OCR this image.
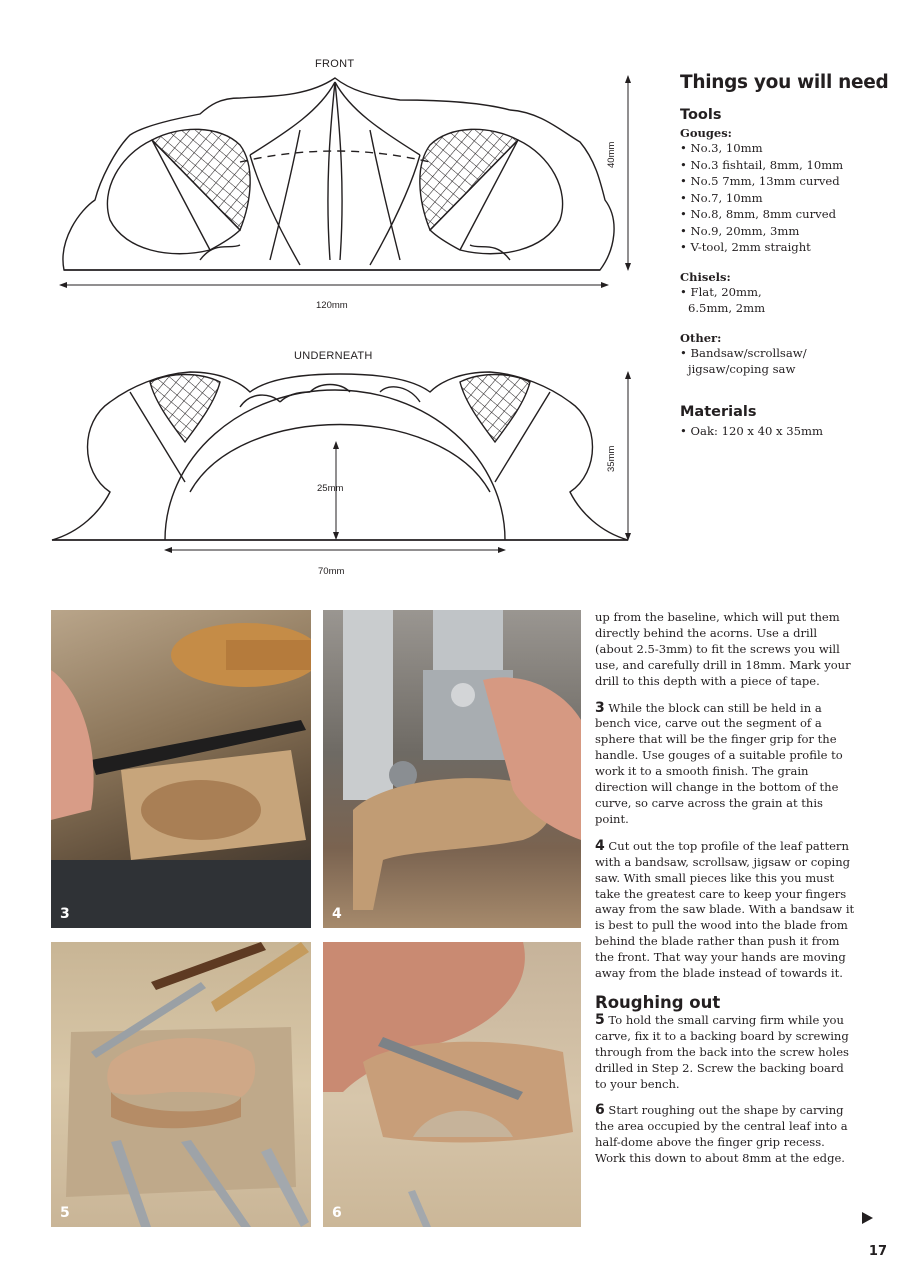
FRONT
120mm
40mm
UNDERNEATH
25mm
70mm
35mm
Things you will need
Tools
Gouges:
• No.3, 10mm
• No.3 fishtail, 8mm, 10mm
• No.5 7mm, 13mm curved
• No.7, 10mm
• No.8, 8mm, 8mm curved
• No.9, 20mm, 3mm
• V-tool, 2mm straight
Chisels:
• Flat, 20mm, 6.5mm, 2mm
Other:
• Bandsaw/scrollsaw/ jigsaw/coping saw
Materials
• Oak: 120 x 40 x 35mm
3	4
5	6

up from the baseline, which will put them directly behind the acorns. Use a drill (about 2.5-3mm) to fit the screws you will use, and carefully drill in 18mm. Mark your drill to this depth with a piece of tape.

3 While the block can still be held in a bench vice, carve out the segment of a sphere that will be the finger grip for the handle. Use gouges of a suitable profile to work it to a smooth finish. The grain direction will change in the bottom of the curve, so carve across the grain at this point.

4 Cut out the top profile of the leaf pattern with a bandsaw, scrollsaw, jigsaw or coping saw. With small pieces like this you must take the greatest care to keep your fingers away from the saw blade. With a bandsaw it is best to pull the wood into the blade from behind the blade rather than push it from the front. That way your hands are moving away from the blade instead of towards it.

Roughing out

5 To hold the small carving firm while you carve, fix it to a backing board by screwing through from the back into the screw holes drilled in Step 2. Screw the backing board to your bench.

6 Start roughing out the shape by carving the area occupied by the central leaf into a half-dome above the finger grip recess. Work this down to about 8mm at the edge.

17
